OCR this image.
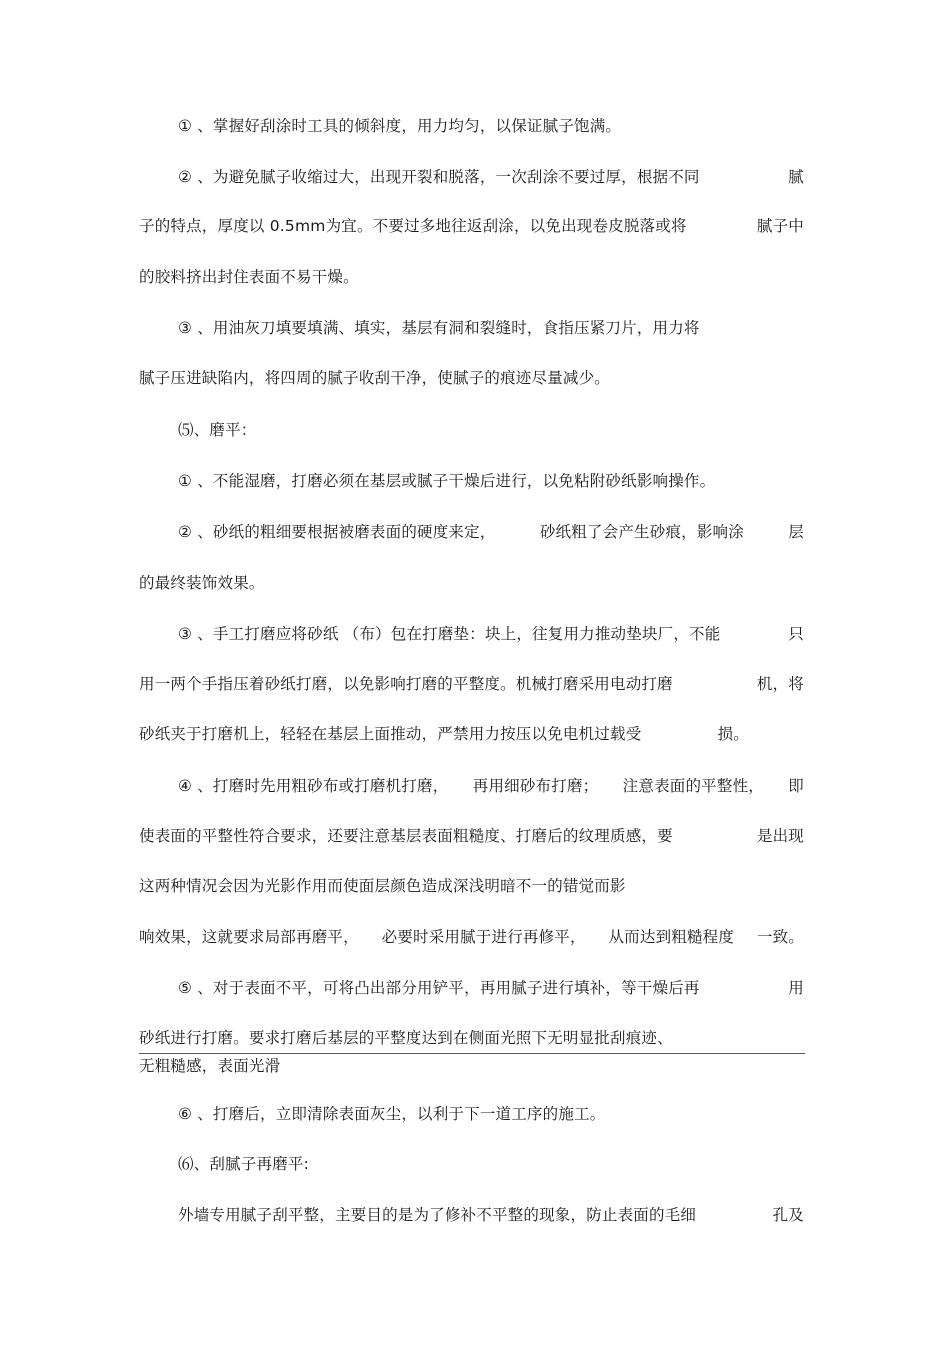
① 、掌握好刮涂时工具的倾斜度，用力均匀，以保证腻子饱满。
② 、为避免腻子收缩过大，出现开裂和脱落，一次刮涂不要过厚，根据不同	腻
子的特点，厚度以 0.5mm为宜。不要过多地往返刮涂，以免出现卷皮脱落或将	腻子中
的胶料挤出封住表面不易干燥。
③ 、用油灰刀填要填满、填实，基层有洞和裂缝时，食指压紧刀片，用力将
腻子压进缺陷内，将四周的腻子收刮干净，使腻子的痕迹尽量减少。
⑸、磨平：
① 、不能湿磨，打磨必须在基层或腻子干燥后进行，以免粘附砂纸影响操作。
② 、砂纸的粗细要根据被磨表面的硬度来定，	砂纸粗了会产生砂痕，影响涂	层
的最终装饰效果。
③ 、手工打磨应将砂纸 （布）包在打磨垫：块上，往复用力推动垫块厂，不能	只
用一两个手指压着砂纸打磨，以免影响打磨的平整度。机械打磨采用电动打磨	机，将
砂纸夹于打磨机上，轻轻在基层上面推动，严禁用力按压以免电机过载受	损。
④ 、打磨时先用粗砂布或打磨机打磨， 再用细砂布打磨； 注意表面的平整性， 即
使表面的平整性符合要求，还要注意基层表面粗糙度、打磨后的纹理质感，要	是出现
这两种情况会因为光影作用而使面层颜色造成深浅明暗不一的错觉而影
响效果，这就要求局部再磨平， 必要时采用腻于进行再修平， 从而达到粗糙程度 一致。
⑤ 、对于表面不平，可将凸出部分用铲平，再用腻子进行填补，等干燥后再	用
砂纸进行打磨。要求打磨后基层的平整度达到在侧面光照下无明显批刮痕迹、
无粗糙感，表面光滑
⑥ 、打磨后，立即清除表面灰尘，以利于下一道工序的施工。
⑹、刮腻子再磨平:
外墙专用腻子刮平整，主要目的是为了修补不平整的现象，防止表面的毛细	孔及
